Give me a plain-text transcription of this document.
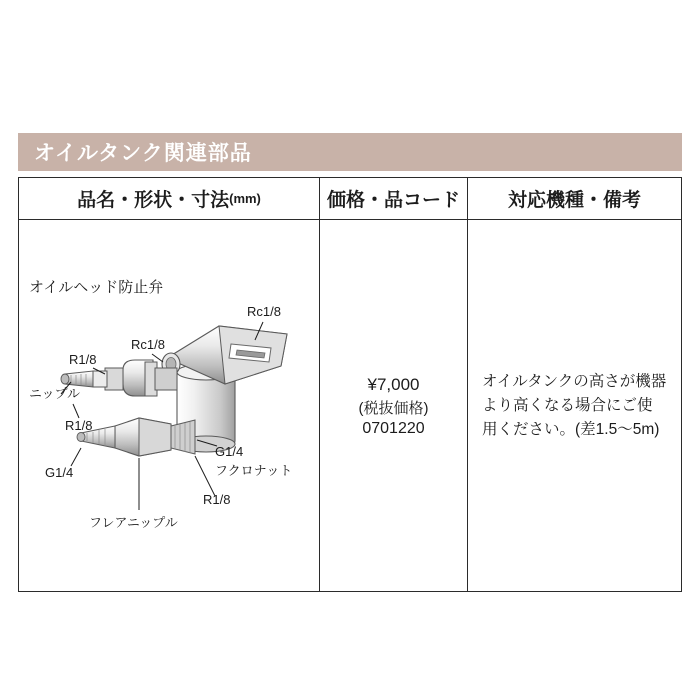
オイルタンク関連部品
品名・形状・寸法 (mm)	価格・品コード	対応機種・備考
オイルヘッド防止弁
Rc1/8
Rc1/8
R1/8
ニップル
R1/8
G1/4
フクロナット
R1/8
G1/4
フレアニップル
¥7,000
(税抜価格)
0701220
オイルタンクの高さが機器より高くなる場合にご使用ください。(差1.5〜5m)
